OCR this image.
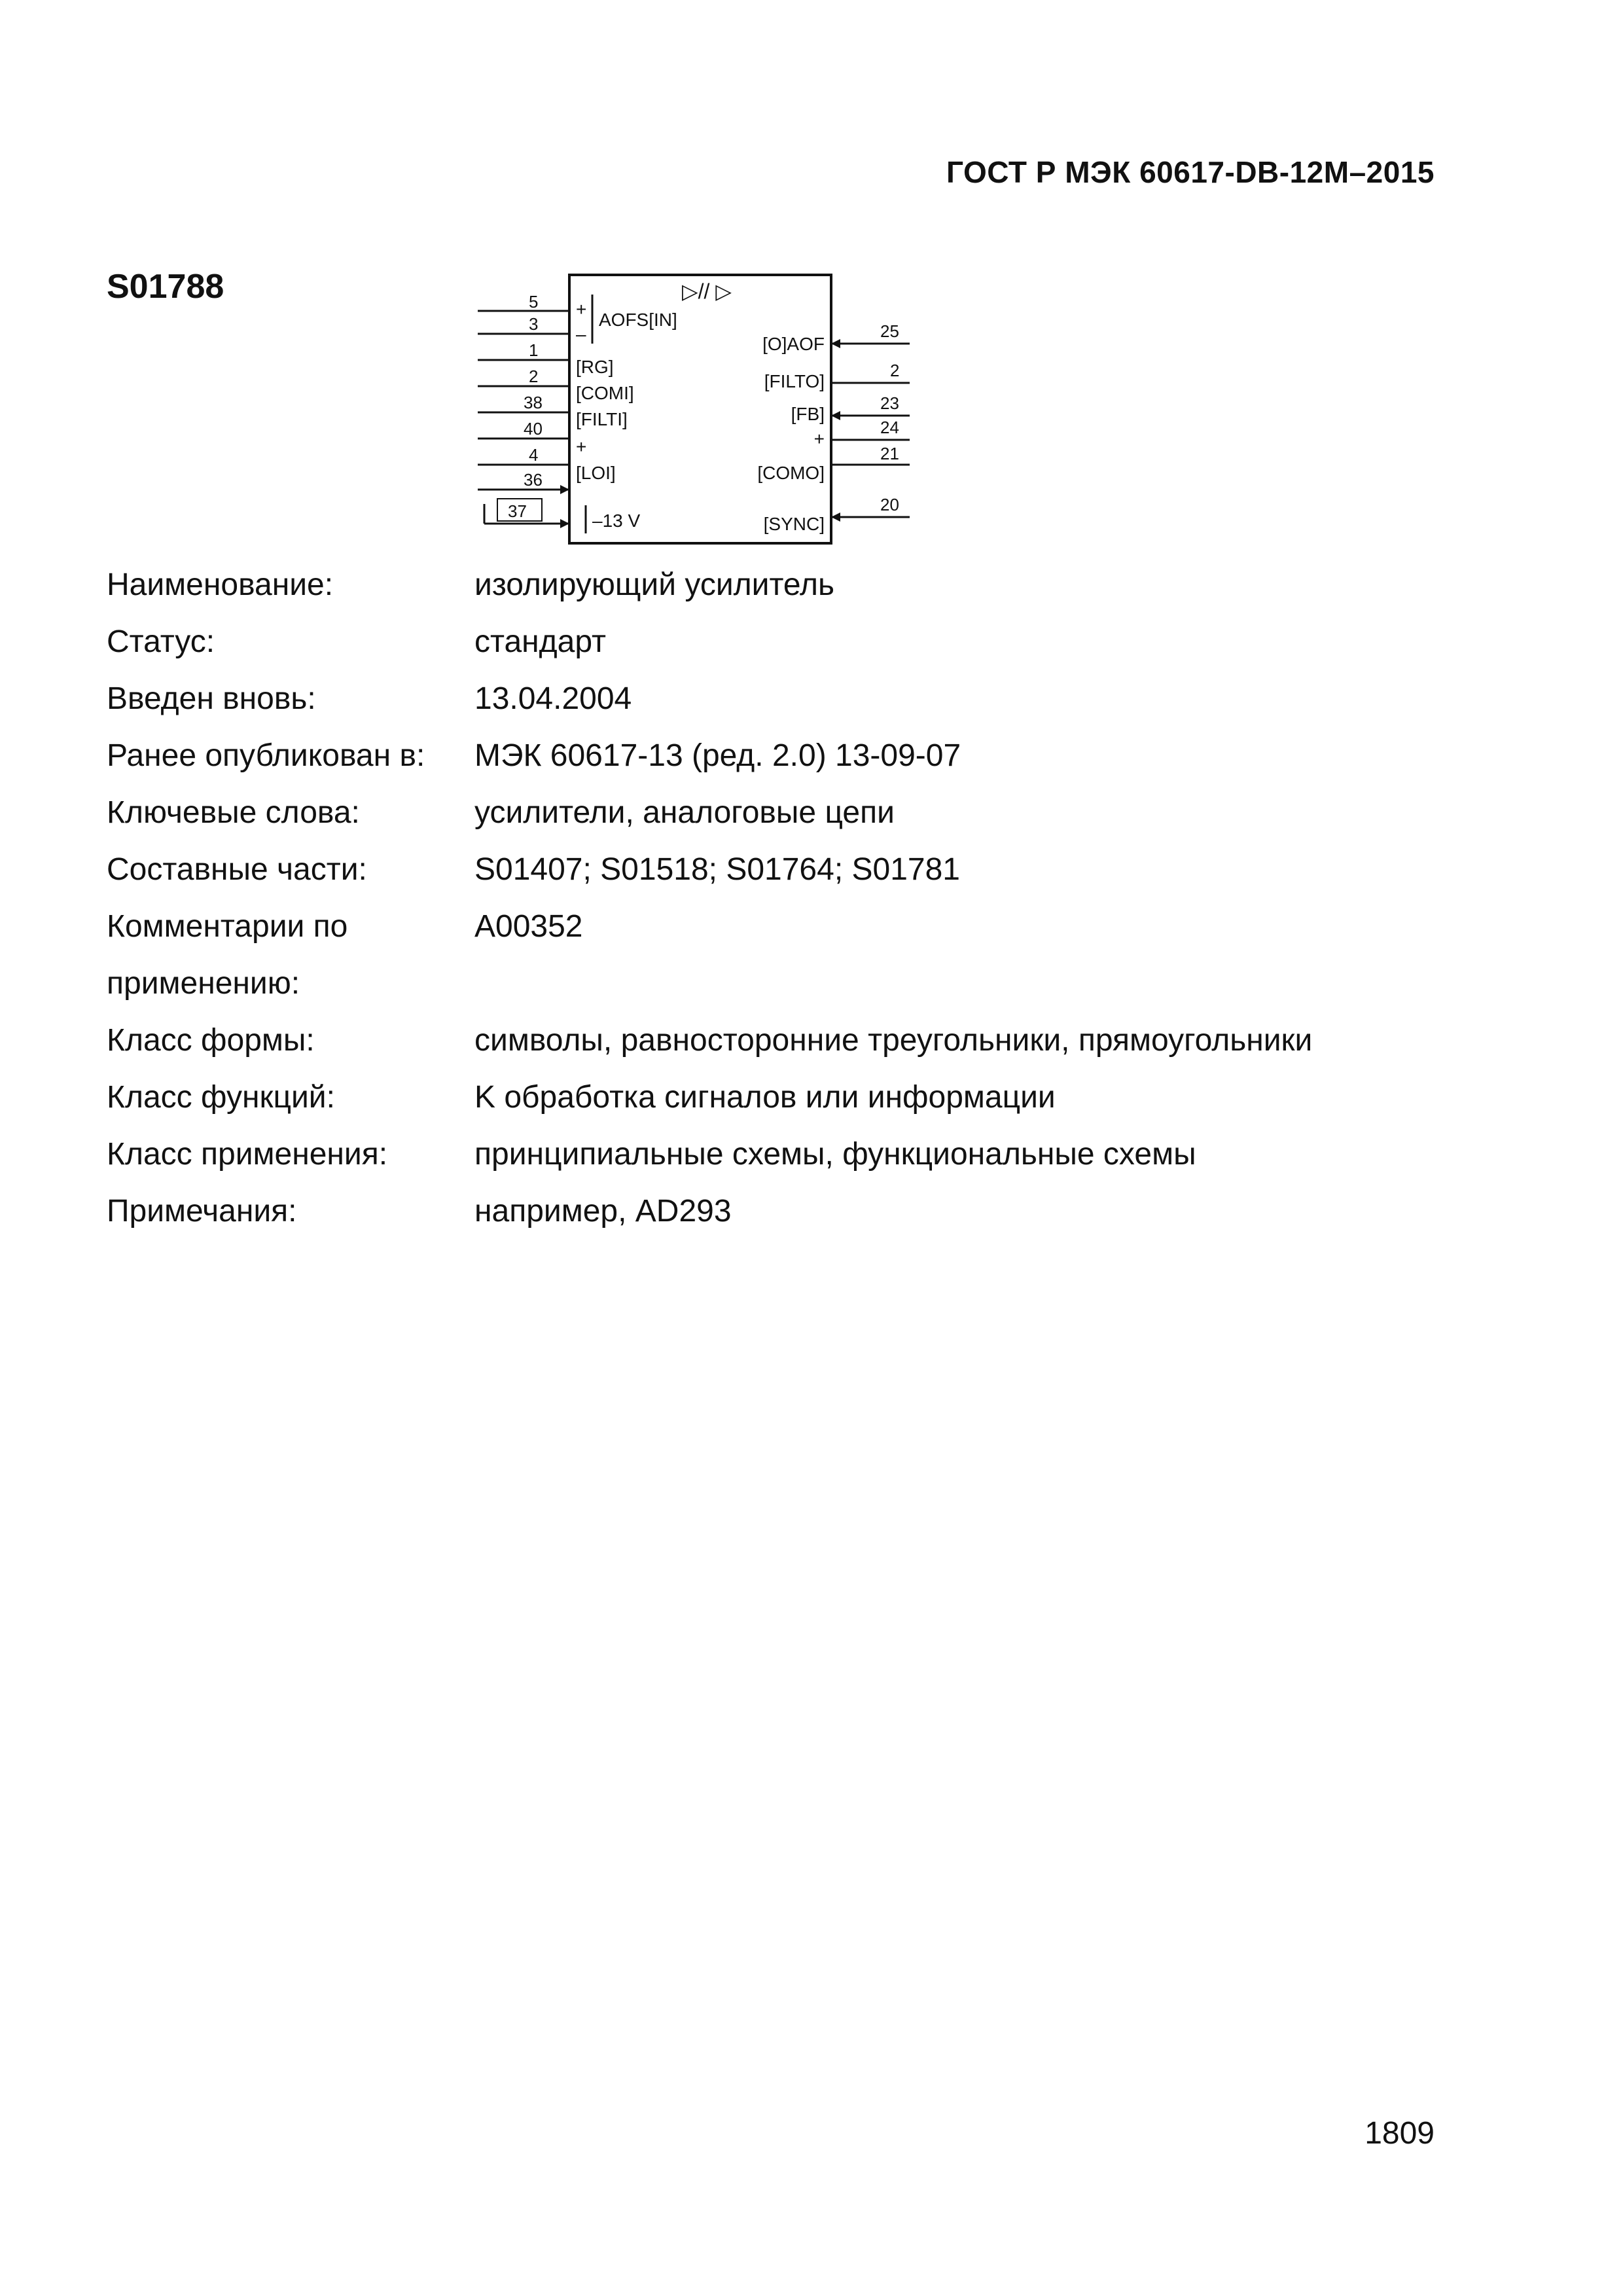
ГОСТ Р МЭК 60617-DB-12M–2015
S01788	▷// ▷
AOFS[IN]
5 +
3 –
1
[RG]
2
[COMI]
38
[FILTI]
40
+
4
[LOI]
36
37	–13 V
25
[O]AOF
2
[FILTO]
23
[FB]
24
+
21
[COMO]
20
[SYNC]
Наименование:	изолирующий усилитель
Статус:	стандарт
Введен вновь:	13.04.2004
Ранее опубликован в:	МЭК 60617-13 (ред. 2.0) 13-09-07
Ключевые слова:	усилители, аналоговые цепи
Составные части:	S01407; S01518; S01764; S01781
Комментарии по	A00352
применению:
Класс формы:	символы, равносторонние треугольники, прямоугольники
Класс функций:	K обработка сигналов или информации
Класс применения:	принципиальные схемы, функциональные схемы
Примечания:	например, AD293
1809
